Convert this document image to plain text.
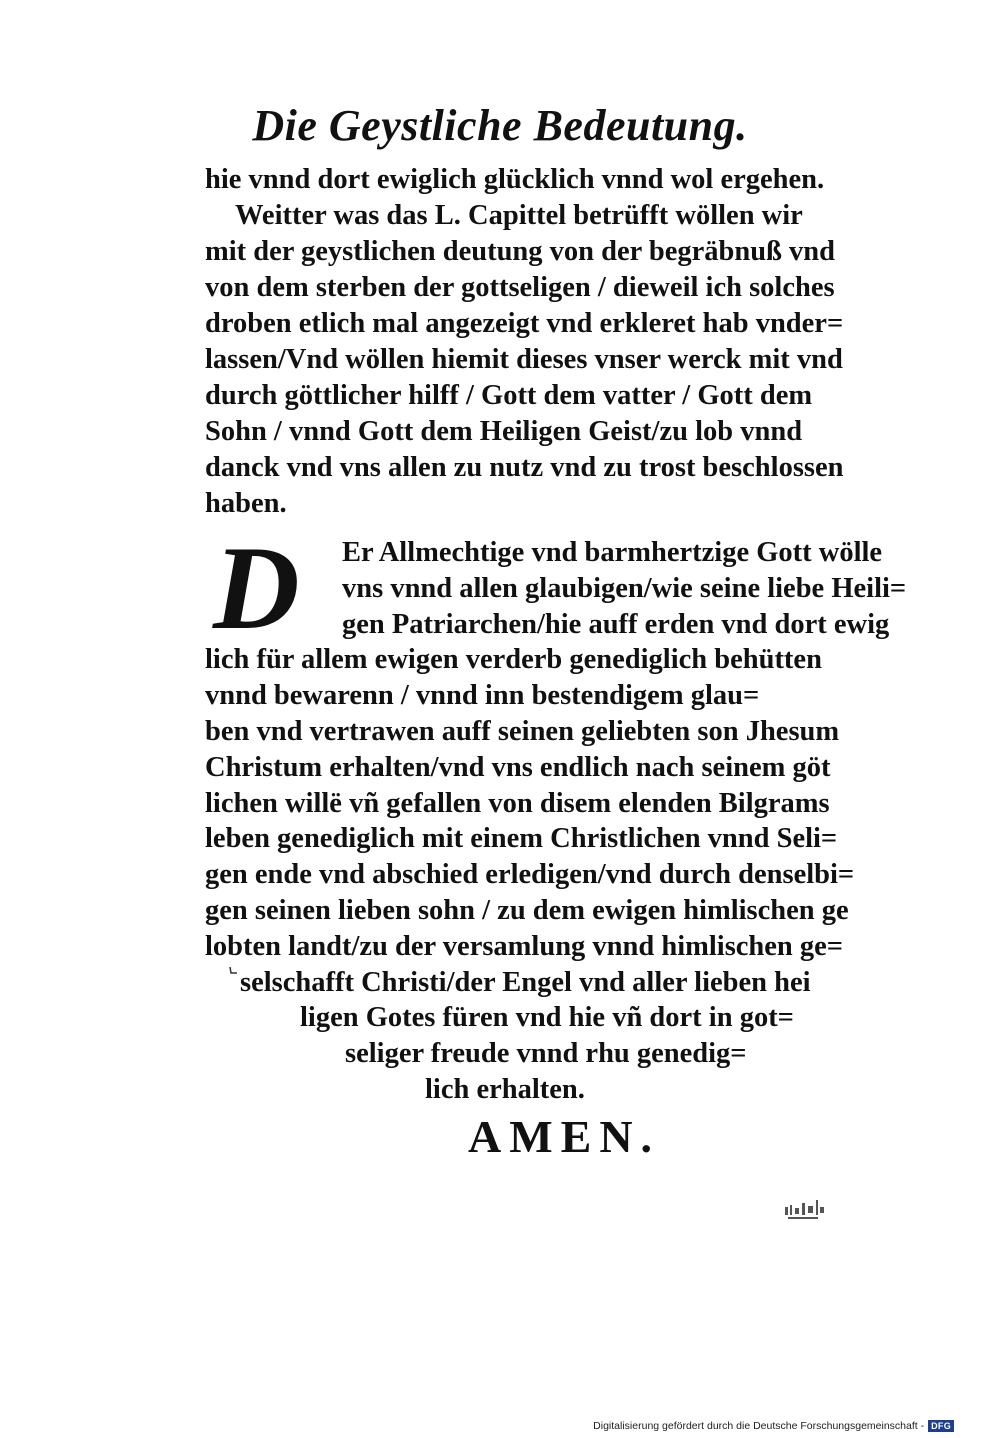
Die Geystliche Bedeutung.
hie vnnd dort ewiglich glücklich vnnd wol ergehen.
Weitter was das L. Capittel betrüfft wöllen wir
mit der geystlichen deutung von der begräbnuß vnd
von dem sterben der gottseligen / dieweil ich solches
droben etlich mal angezeigt vnd erkleret hab vnder=
lassen/Vnd wöllen hiemit dieses vnser werck mit vnd
durch göttlicher hilff / Gott dem vatter / Gott dem
Sohn / vnnd Gott dem Heiligen Geist/zu lob vnnd
danck vnd vns allen zu nutz vnd zu trost beschlossen
haben.
D	Er Allmechtige vnd barmhertzige Gott wölle
vns vnnd allen glaubigen/wie seine liebe Heili=
gen Patriarchen/hie auff erden vnd dort ewig
lich für allem ewigen verderb genediglich behütten
vnnd bewarenn / vnnd inn bestendigem glau=
ben vnd vertrawen auff seinen geliebten son Jhesum
Christum erhalten/vnd vns endlich nach seinem göt
lichen willë vñ gefallen von disem elenden Bilgrams
leben genediglich mit einem Christlichen vnnd Seli=
gen ende vnd abschied erledigen/vnd durch denselbi=
gen seinen lieben sohn / zu dem ewigen himlischen ge
lobten landt/zu der versamlung vnnd himlischen ge=
selschafft Christi/der Engel vnd aller lieben hei
ligen Gotes füren vnd hie vñ dort in got=
seliger freude vnnd rhu genedig=
lich erhalten.
AMEN.
Digitalisierung gefördert durch die Deutsche Forschungsgemeinschaft - DFG
